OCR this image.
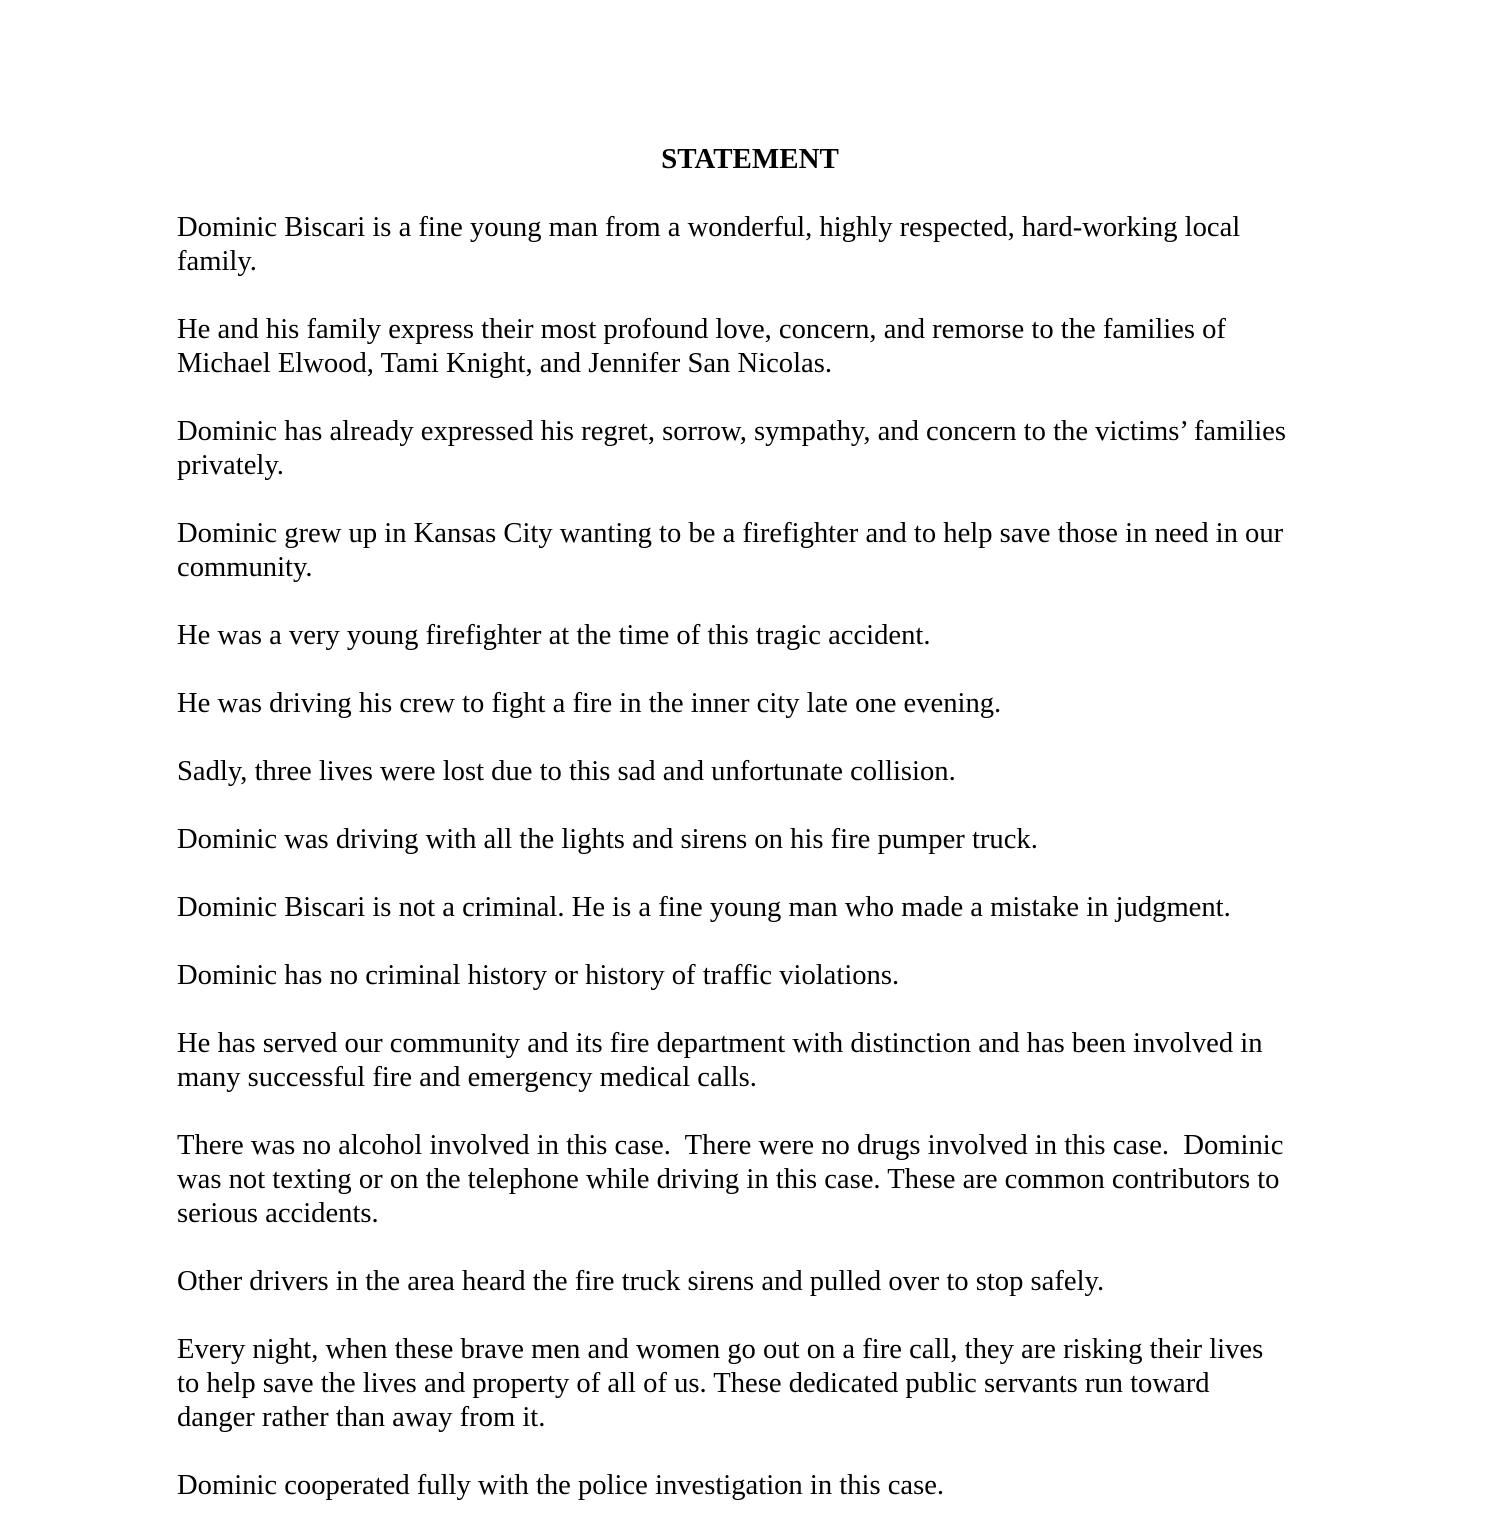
STATEMENT

Dominic Biscari is a fine young man from a wonderful, highly respected, hard-working local
family.

He and his family express their most profound love, concern, and remorse to the families of
Michael Elwood, Tami Knight, and Jennifer San Nicolas.

Dominic has already expressed his regret, sorrow, sympathy, and concern to the victims’ families
privately.

Dominic grew up in Kansas City wanting to be a firefighter and to help save those in need in our
community.

He was a very young firefighter at the time of this tragic accident.

He was driving his crew to fight a fire in the inner city late one evening.

Sadly, three lives were lost due to this sad and unfortunate collision.

Dominic was driving with all the lights and sirens on his fire pumper truck.

Dominic Biscari is not a criminal. He is a fine young man who made a mistake in judgment.

Dominic has no criminal history or history of traffic violations.

He has served our community and its fire department with distinction and has been involved in
many successful fire and emergency medical calls.

There was no alcohol involved in this case.  There were no drugs involved in this case.  Dominic
was not texting or on the telephone while driving in this case. These are common contributors to
serious accidents.

Other drivers in the area heard the fire truck sirens and pulled over to stop safely.

Every night, when these brave men and women go out on a fire call, they are risking their lives
to help save the lives and property of all of us. These dedicated public servants run toward
danger rather than away from it.

Dominic cooperated fully with the police investigation in this case.
